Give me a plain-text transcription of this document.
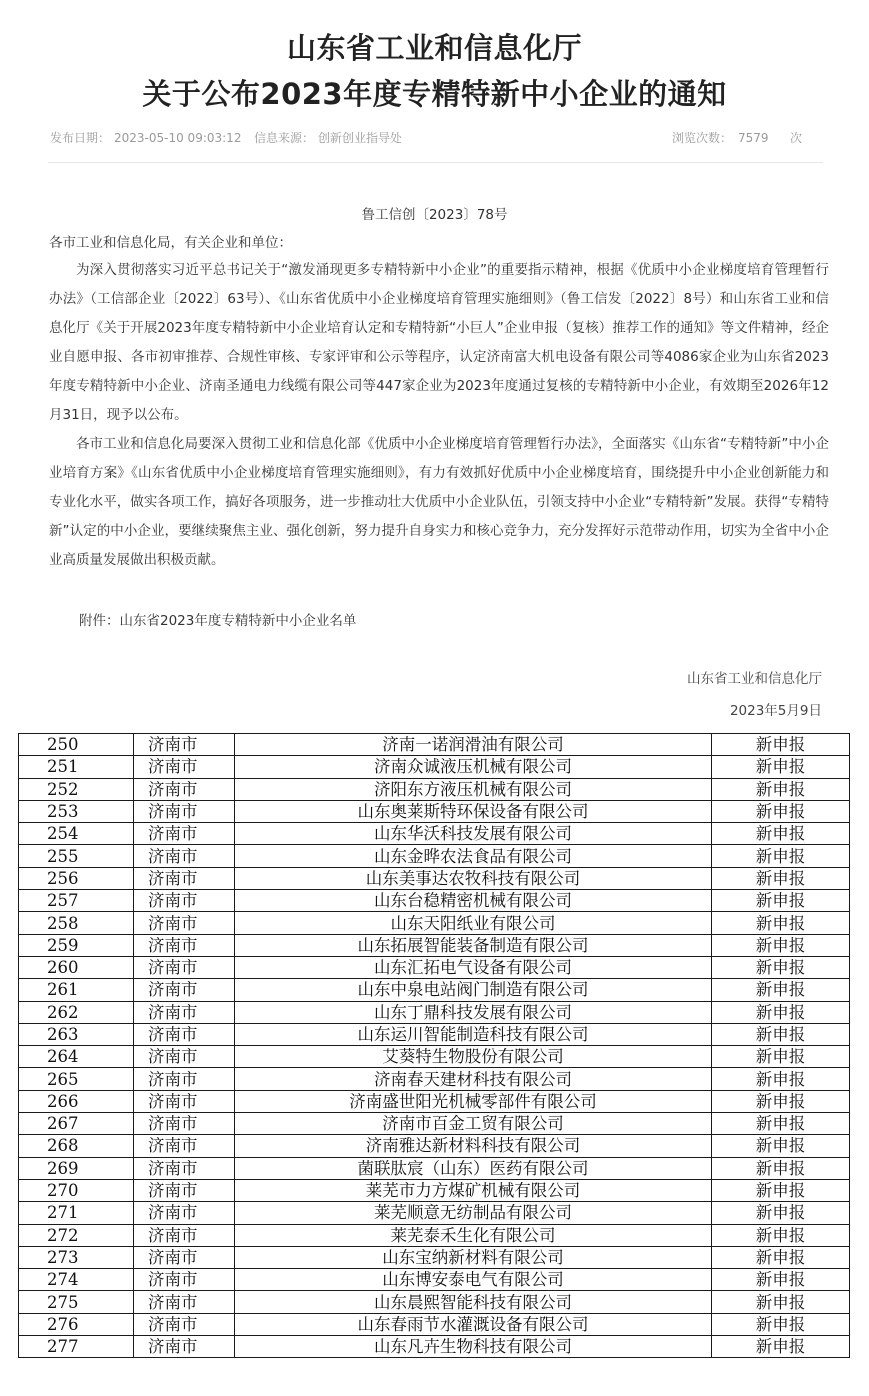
山东省工业和信息化厅
关于公布2023年度专精特新中小企业的通知
发布日期： 2023-05-10 09:03:12 信息来源： 创新创业指导处	浏览次数： 7579 次
鲁工信创〔2023〕78号
各市工业和信息化局，有关企业和单位：

为深入贯彻落实习近平总书记关于“激发涌现更多专精特新中小企业”的重要指示精神，根据《优质中小企业梯度培育管理暂行办法》（工信部企业〔2022〕63号）、《山东省优质中小企业梯度培育管理实施细则》（鲁工信发〔2022〕8号）和山东省工业和信息化厅《关于开展2023年度专精特新中小企业培育认定和专精特新“小巨人”企业申报（复核）推荐工作的通知》等文件精神，经企业自愿申报、各市初审推荐、合规性审核、专家评审和公示等程序，认定济南富大机电设备有限公司等4086家企业为山东省2023年度专精特新中小企业、济南圣通电力线缆有限公司等447家企业为2023年度通过复核的专精特新中小企业，有效期至2026年12月31日，现予以公布。

各市工业和信息化局要深入贯彻工业和信息化部《优质中小企业梯度培育管理暂行办法》，全面落实《山东省“专精特新”中小企业培育方案》《山东省优质中小企业梯度培育管理实施细则》，有力有效抓好优质中小企业梯度培育，围绕提升中小企业创新能力和专业化水平，做实各项工作，搞好各项服务，进一步推动壮大优质中小企业队伍，引领支持中小企业“专精特新”发展。获得“专精特新”认定的中小企业，要继续聚焦主业、强化创新，努力提升自身实力和核心竞争力，充分发挥好示范带动作用，切实为全省中小企业高质量发展做出积极贡献。

附件：山东省2023年度专精特新中小企业名单
山东省工业和信息化厅
2023年5月9日
250	济南市	济南一诺润滑油有限公司	新申报
251	济南市	济南众诚液压机械有限公司	新申报
252	济南市	济阳东方液压机械有限公司	新申报
253	济南市	山东奥莱斯特环保设备有限公司	新申报
254	济南市	山东华沃科技发展有限公司	新申报
255	济南市	山东金晔农法食品有限公司	新申报
256	济南市	山东美事达农牧科技有限公司	新申报
257	济南市	山东台稳精密机械有限公司	新申报
258	济南市	山东天阳纸业有限公司	新申报
259	济南市	山东拓展智能装备制造有限公司	新申报
260	济南市	山东汇拓电气设备有限公司	新申报
261	济南市	山东中泉电站阀门制造有限公司	新申报
262	济南市	山东丁鼎科技发展有限公司	新申报
263	济南市	山东运川智能制造科技有限公司	新申报
264	济南市	艾葵特生物股份有限公司	新申报
265	济南市	济南春天建材科技有限公司	新申报
266	济南市	济南盛世阳光机械零部件有限公司	新申报
267	济南市	济南市百金工贸有限公司	新申报
268	济南市	济南雅达新材料科技有限公司	新申报
269	济南市	菌联肽宸（山东）医药有限公司	新申报
270	济南市	莱芜市力方煤矿机械有限公司	新申报
271	济南市	莱芜顺意无纺制品有限公司	新申报
272	济南市	莱芜泰禾生化有限公司	新申报
273	济南市	山东宝纳新材料有限公司	新申报
274	济南市	山东博安泰电气有限公司	新申报
275	济南市	山东晨熙智能科技有限公司	新申报
276	济南市	山东春雨节水灌溉设备有限公司	新申报
277	济南市	山东凡卉生物科技有限公司	新申报
